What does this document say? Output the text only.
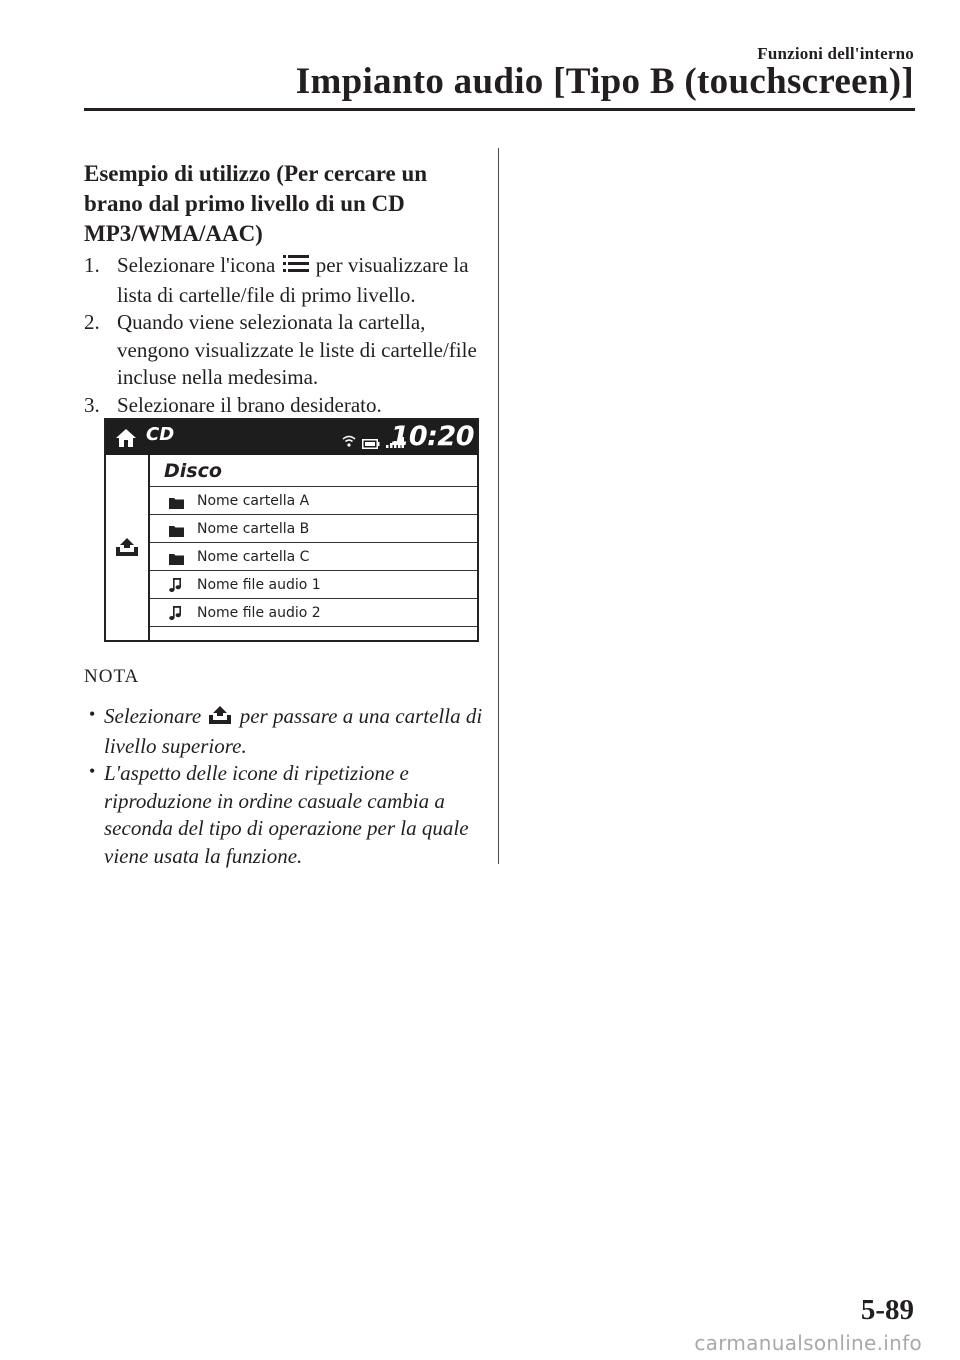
Funzioni dell'interno
Impianto audio [Tipo B (touchscreen)]
Esempio di utilizzo (Per cercare un brano dal primo livello di un CD MP3/WMA/AAC)
1. Selezionare l'icona per visualizzare la lista di cartelle/file di primo livello.
2. Quando viene selezionata la cartella, vengono visualizzate le liste di cartelle/file incluse nella medesima.
3. Selezionare il brano desiderato.
CD	10:20
Disco
Nome cartella A
Nome cartella B
Nome cartella C
Nome file audio 1
Nome file audio 2
NOTA
• Selezionare per passare a una cartella di livello superiore.
• L'aspetto delle icone di ripetizione e riproduzione in ordine casuale cambia a seconda del tipo di operazione per la quale viene usata la funzione.
5-89
carmanualsonline.info
